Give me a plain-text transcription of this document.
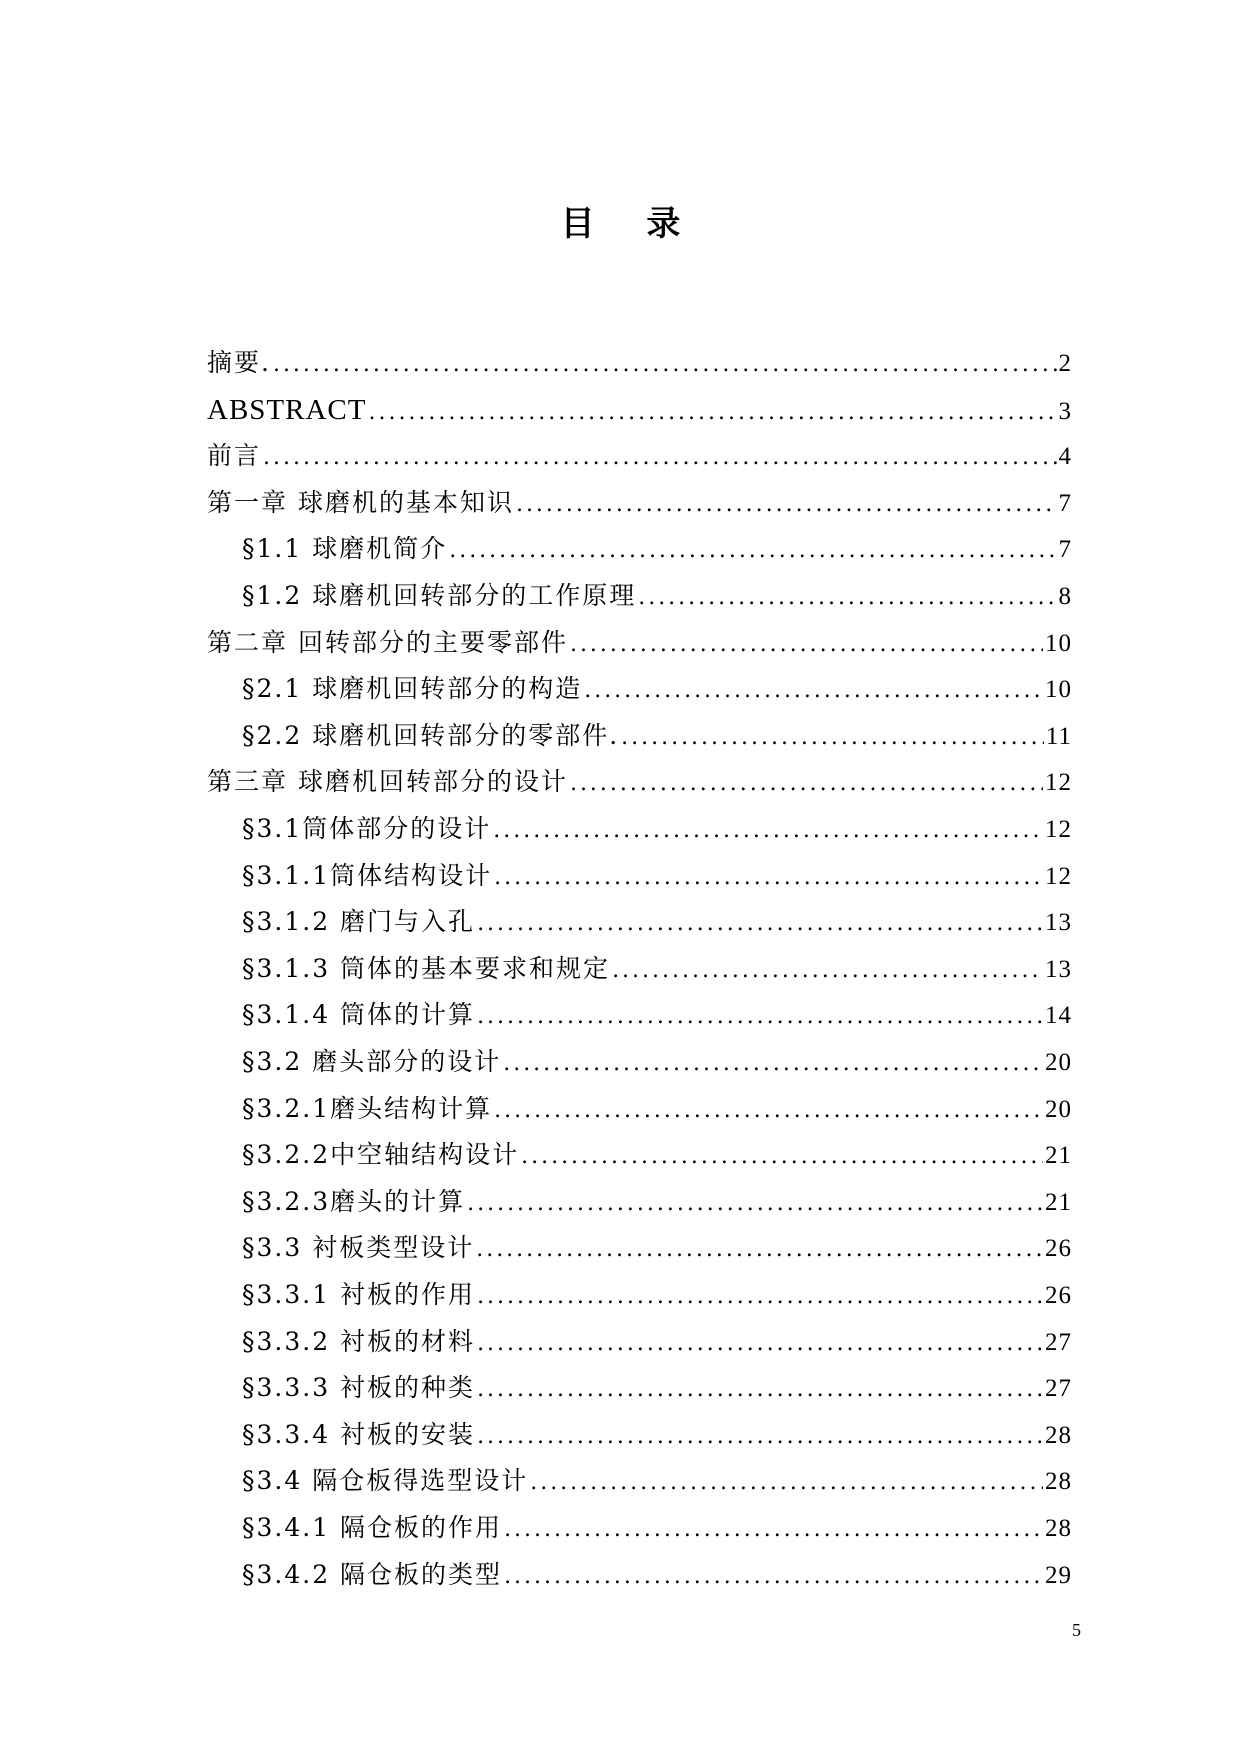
目 录
摘要. . . .	2
ABSTRACT . . .	3
前言 . . .	4
第一章 球磨机的基本知识 . . .	7
§1.1 球磨机简介 . . .	7
§1.2 球磨机回转部分的工作原理 . . .	8
第二章 回转部分的主要零部件 . . .	10
§2.1 球磨机回转部分的构造 . . .	10
§2.2 球磨机回转部分的零部件. . . .	11
第三章 球磨机回转部分的设计 . . .	12
§3.1筒体部分的设计 . . .	12
§3.1.1筒体结构设计 . . .	12
§3.1.2 磨门与入孔 . . .	13
§3.1.3 筒体的基本要求和规定 . . .	13
§3.1.4 筒体的计算 . . .	14
§3.2 磨头部分的设计 . . .	20
§3.2.1磨头结构计算 . . .	20
§3.2.2中空轴结构设计 . . .	21
§3.2.3磨头的计算 . . .	21
§3.3 衬板类型设计 . . .	26
§3.3.1 衬板的作用 . . .	26
§3.3.2 衬板的材料 . . .	27
§3.3.3 衬板的种类 . . .	27
§3.3.4 衬板的安装 . . .	28
§3.4 隔仓板得选型设计 . . .	28
§3.4.1 隔仓板的作用 . . .	28
§3.4.2 隔仓板的类型 . . .	29
5
